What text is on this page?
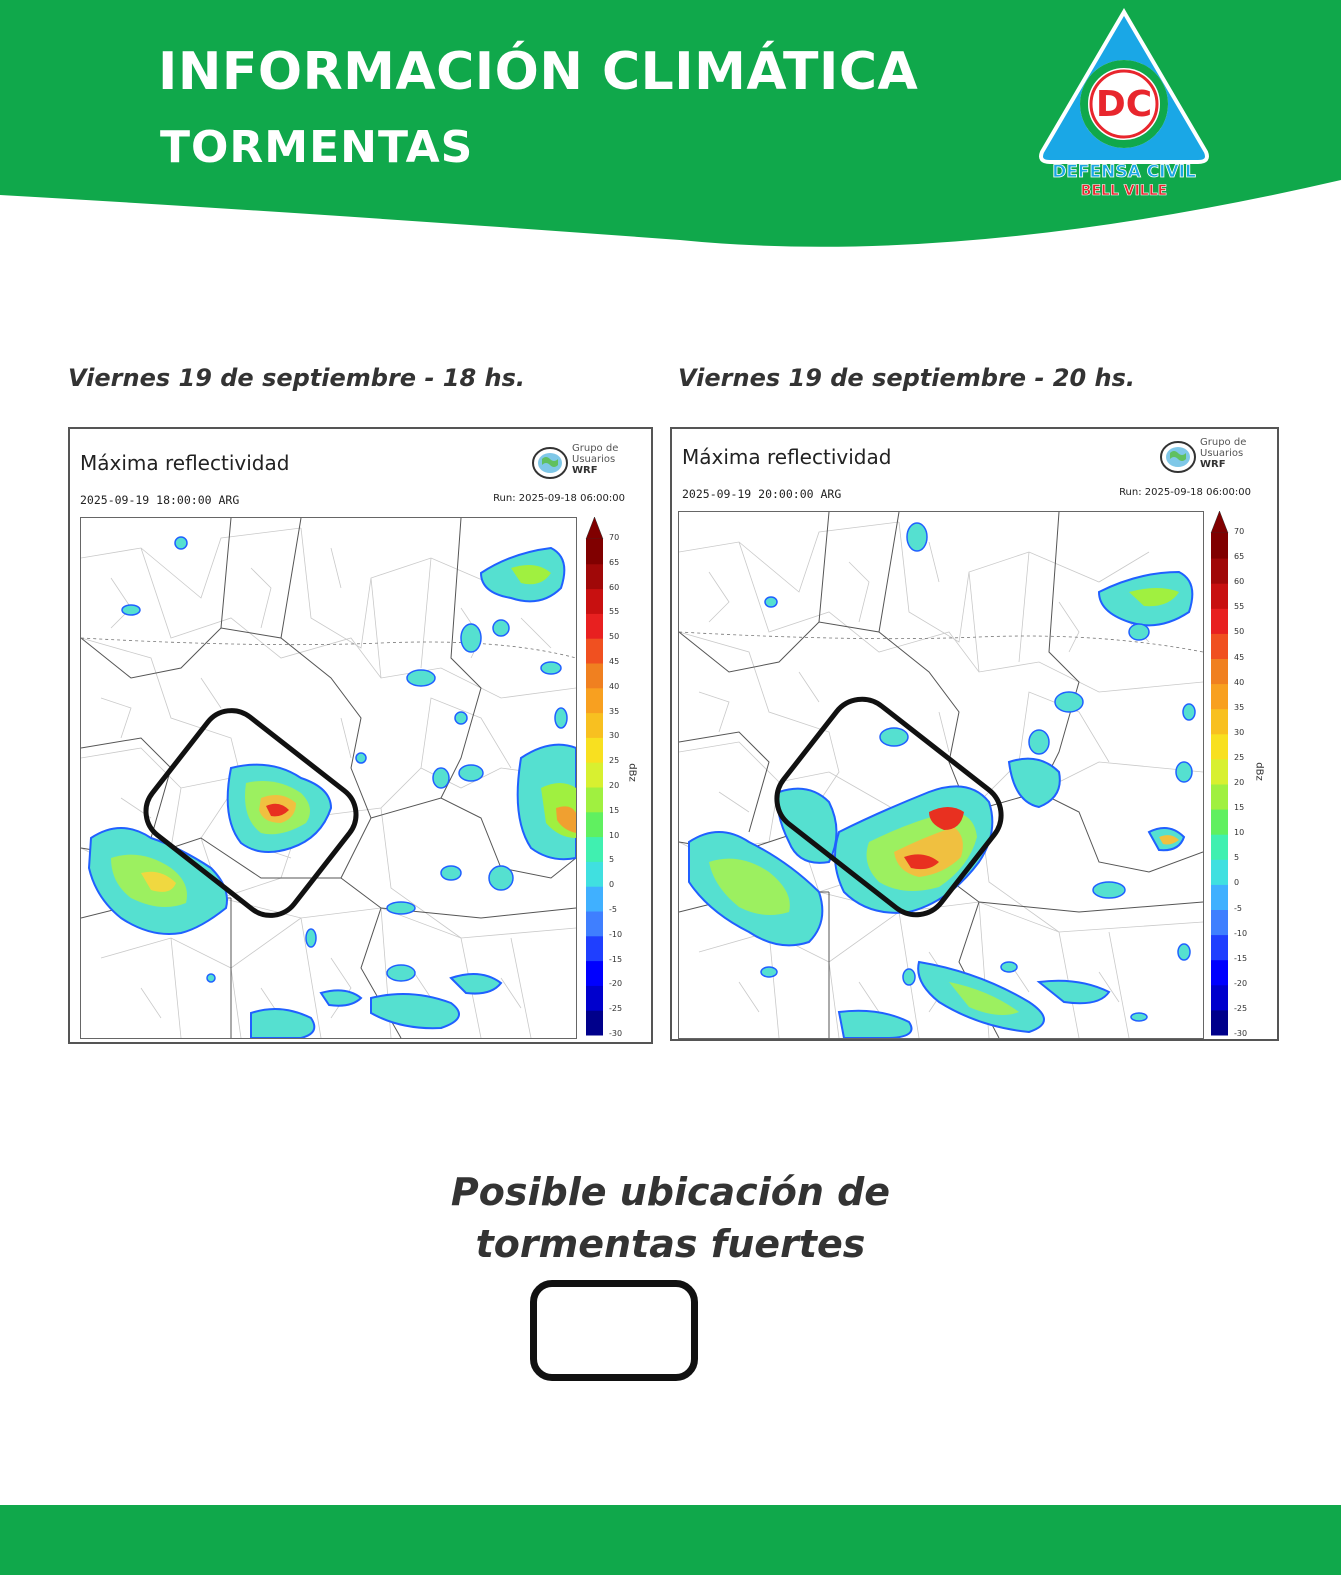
INFORMACIÓN CLIMÁTICA
TORMENTAS
DC
DEFENSA CIVIL
BELL VILLE

Viernes 19 de septiembre - 18 hs.	Viernes 19 de septiembre - 20 hs.

Máxima reflectividad
Grupo de
Usuarios
WRF
2025-09-19 18:00:00 ARG	Run: 2025-09-18 06:00:00
70
65
60
55
50
45
40
35
30
25
20
15
10
5
0
-5
-10
-15
-20
-25
-30
dBz
Máxima reflectividad
Grupo de
Usuarios
WRF
2025-09-19 20:00:00 ARG	Run: 2025-09-18 06:00:00
70
65
60
55
50
45
40
35
30
25
20
15
10
5
0
-5
-10
-15
-20
-25
-30
dBz

Posible ubicación de
tormentas fuertes
